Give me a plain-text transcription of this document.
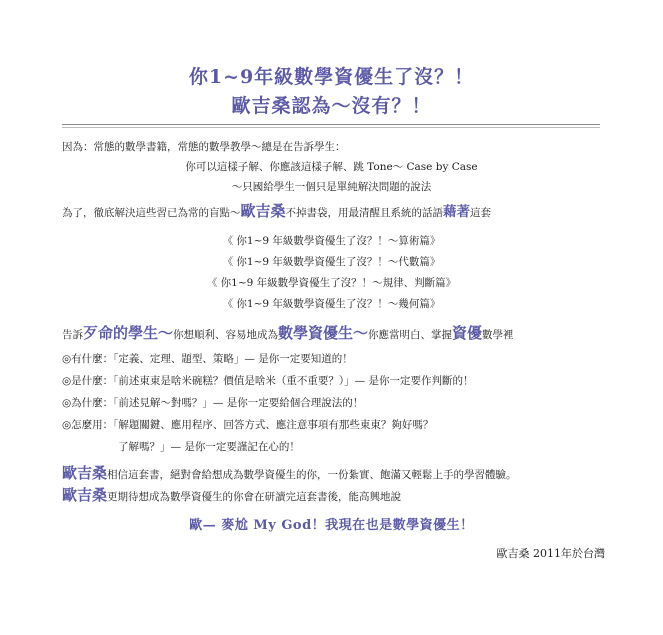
你1~9年級數學資優生了沒？！
歐吉桑認為～沒有？！
因為：常態的數學書籍，常態的數學教學～總是在告訴學生：
你可以這樣子解、你應該這樣子解、跳 Tone～ Case by Case
～只國給學生一個只是單純解決問題的說法
為了，徹底解決這些習已為常的盲點～歐吉桑不掉書袋，用最清醒且系統的話語藉著這套
《 你1~9 年級數學資優生了沒？！～算術篇》
《 你1~9 年級數學資優生了沒？！～代數篇》
《 你1~9 年級數學資優生了沒？！～規律、判斷篇》
《 你1~9 年級數學資優生了沒？！～幾何篇》
告訴歹命的學生～你想順利、容易地成為數學資優生～你應當明白、掌握資優數學裡
◎有什麼：「定義、定理、題型、策略」— 是你一定要知道的！
◎是什麼：「前述東東是啥米碗糕？價值是啥米（重不重要？）」— 是你一定要作判斷的！
◎為什麼：「前述見解～對嗎？」— 是你一定要給個合理說法的！
◎怎麼用：「解題關鍵、應用程序、回答方式、應注意事項有那些東東？夠好嗎？
了解嗎？」— 是你一定要謹記在心的！
歐吉桑相信這套書，絕對會給想成為數學資優生的你，一份紮實、飽滿又輕鬆上手的學習體驗。
歐吉桑更期待想成為數學資優生的你會在研讀完這套書後，能高興地說
歐— 麥尬 My God！我現在也是數學資優生！
歐吉桑 2011年於台灣
